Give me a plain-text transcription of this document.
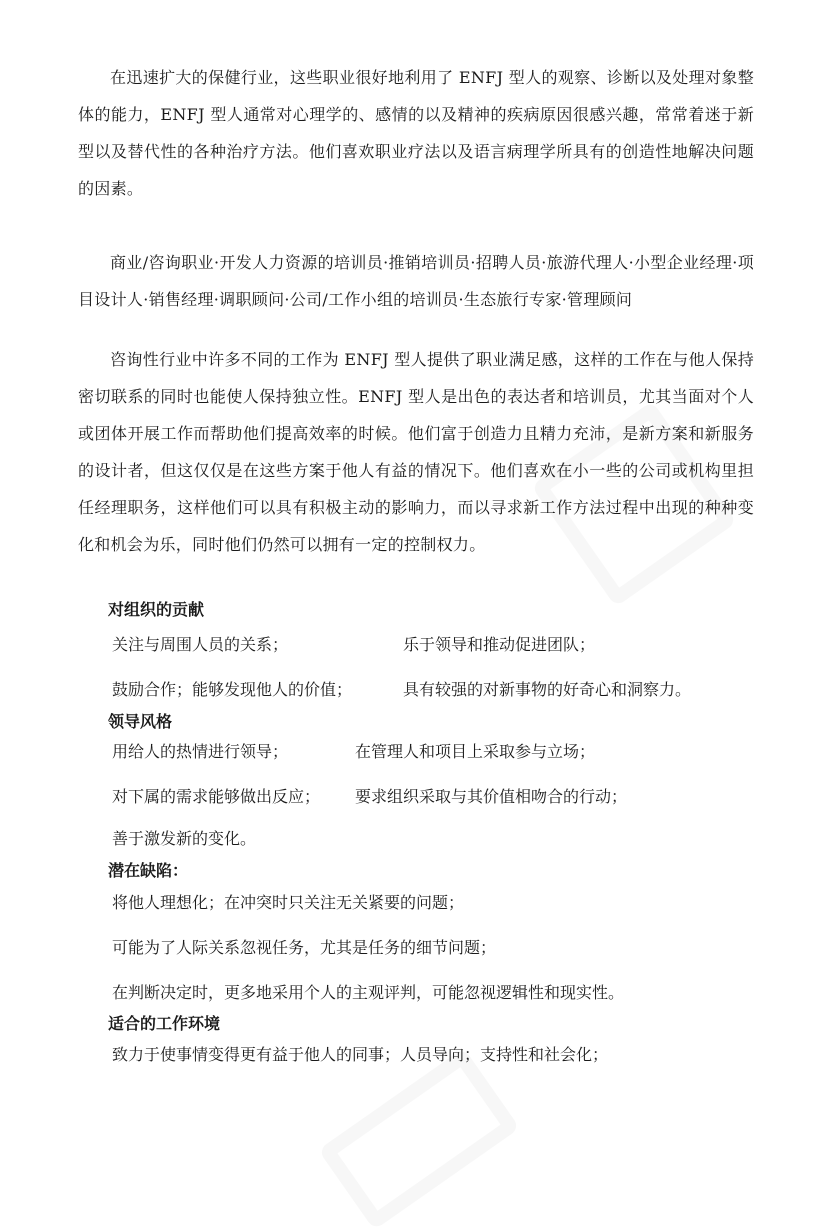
在迅速扩大的保健行业，这些职业很好地利用了 ENFJ 型人的观察、诊断以及处理对象整体的能力，ENFJ 型人通常对心理学的、感情的以及精神的疾病原因很感兴趣，常常着迷于新型以及替代性的各种治疗方法。他们喜欢职业疗法以及语言病理学所具有的创造性地解决问题的因素。

商业/咨询职业·开发人力资源的培训员·推销培训员·招聘人员·旅游代理人·小型企业经理·项目设计人·销售经理·调职顾问·公司/工作小组的培训员·生态旅行专家·管理顾问

咨询性行业中许多不同的工作为 ENFJ 型人提供了职业满足感，这样的工作在与他人保持密切联系的同时也能使人保持独立性。ENFJ 型人是出色的表达者和培训员，尤其当面对个人或团体开展工作而帮助他们提高效率的时候。他们富于创造力且精力充沛，是新方案和新服务的设计者，但这仅仅是在这些方案于他人有益的情况下。他们喜欢在小一些的公司或机构里担任经理职务，这样他们可以具有积极主动的影响力，而以寻求新工作方法过程中出现的种种变化和机会为乐，同时他们仍然可以拥有一定的控制权力。

对组织的贡献

关注与周围人员的关系；	乐于领导和推动促进团队；

鼓励合作；能够发现他人的价值；	具有较强的对新事物的好奇心和洞察力。

领导风格

用给人的热情进行领导；	在管理人和项目上采取参与立场；

对下属的需求能够做出反应； 要求组织采取与其价值相吻合的行动；

善于激发新的变化。

潜在缺陷：

将他人理想化；在冲突时只关注无关紧要的问题；

可能为了人际关系忽视任务，尤其是任务的细节问题；

在判断决定时，更多地采用个人的主观评判，可能忽视逻辑性和现实性。

适合的工作环境

致力于使事情变得更有益于他人的同事；人员导向；支持性和社会化；
